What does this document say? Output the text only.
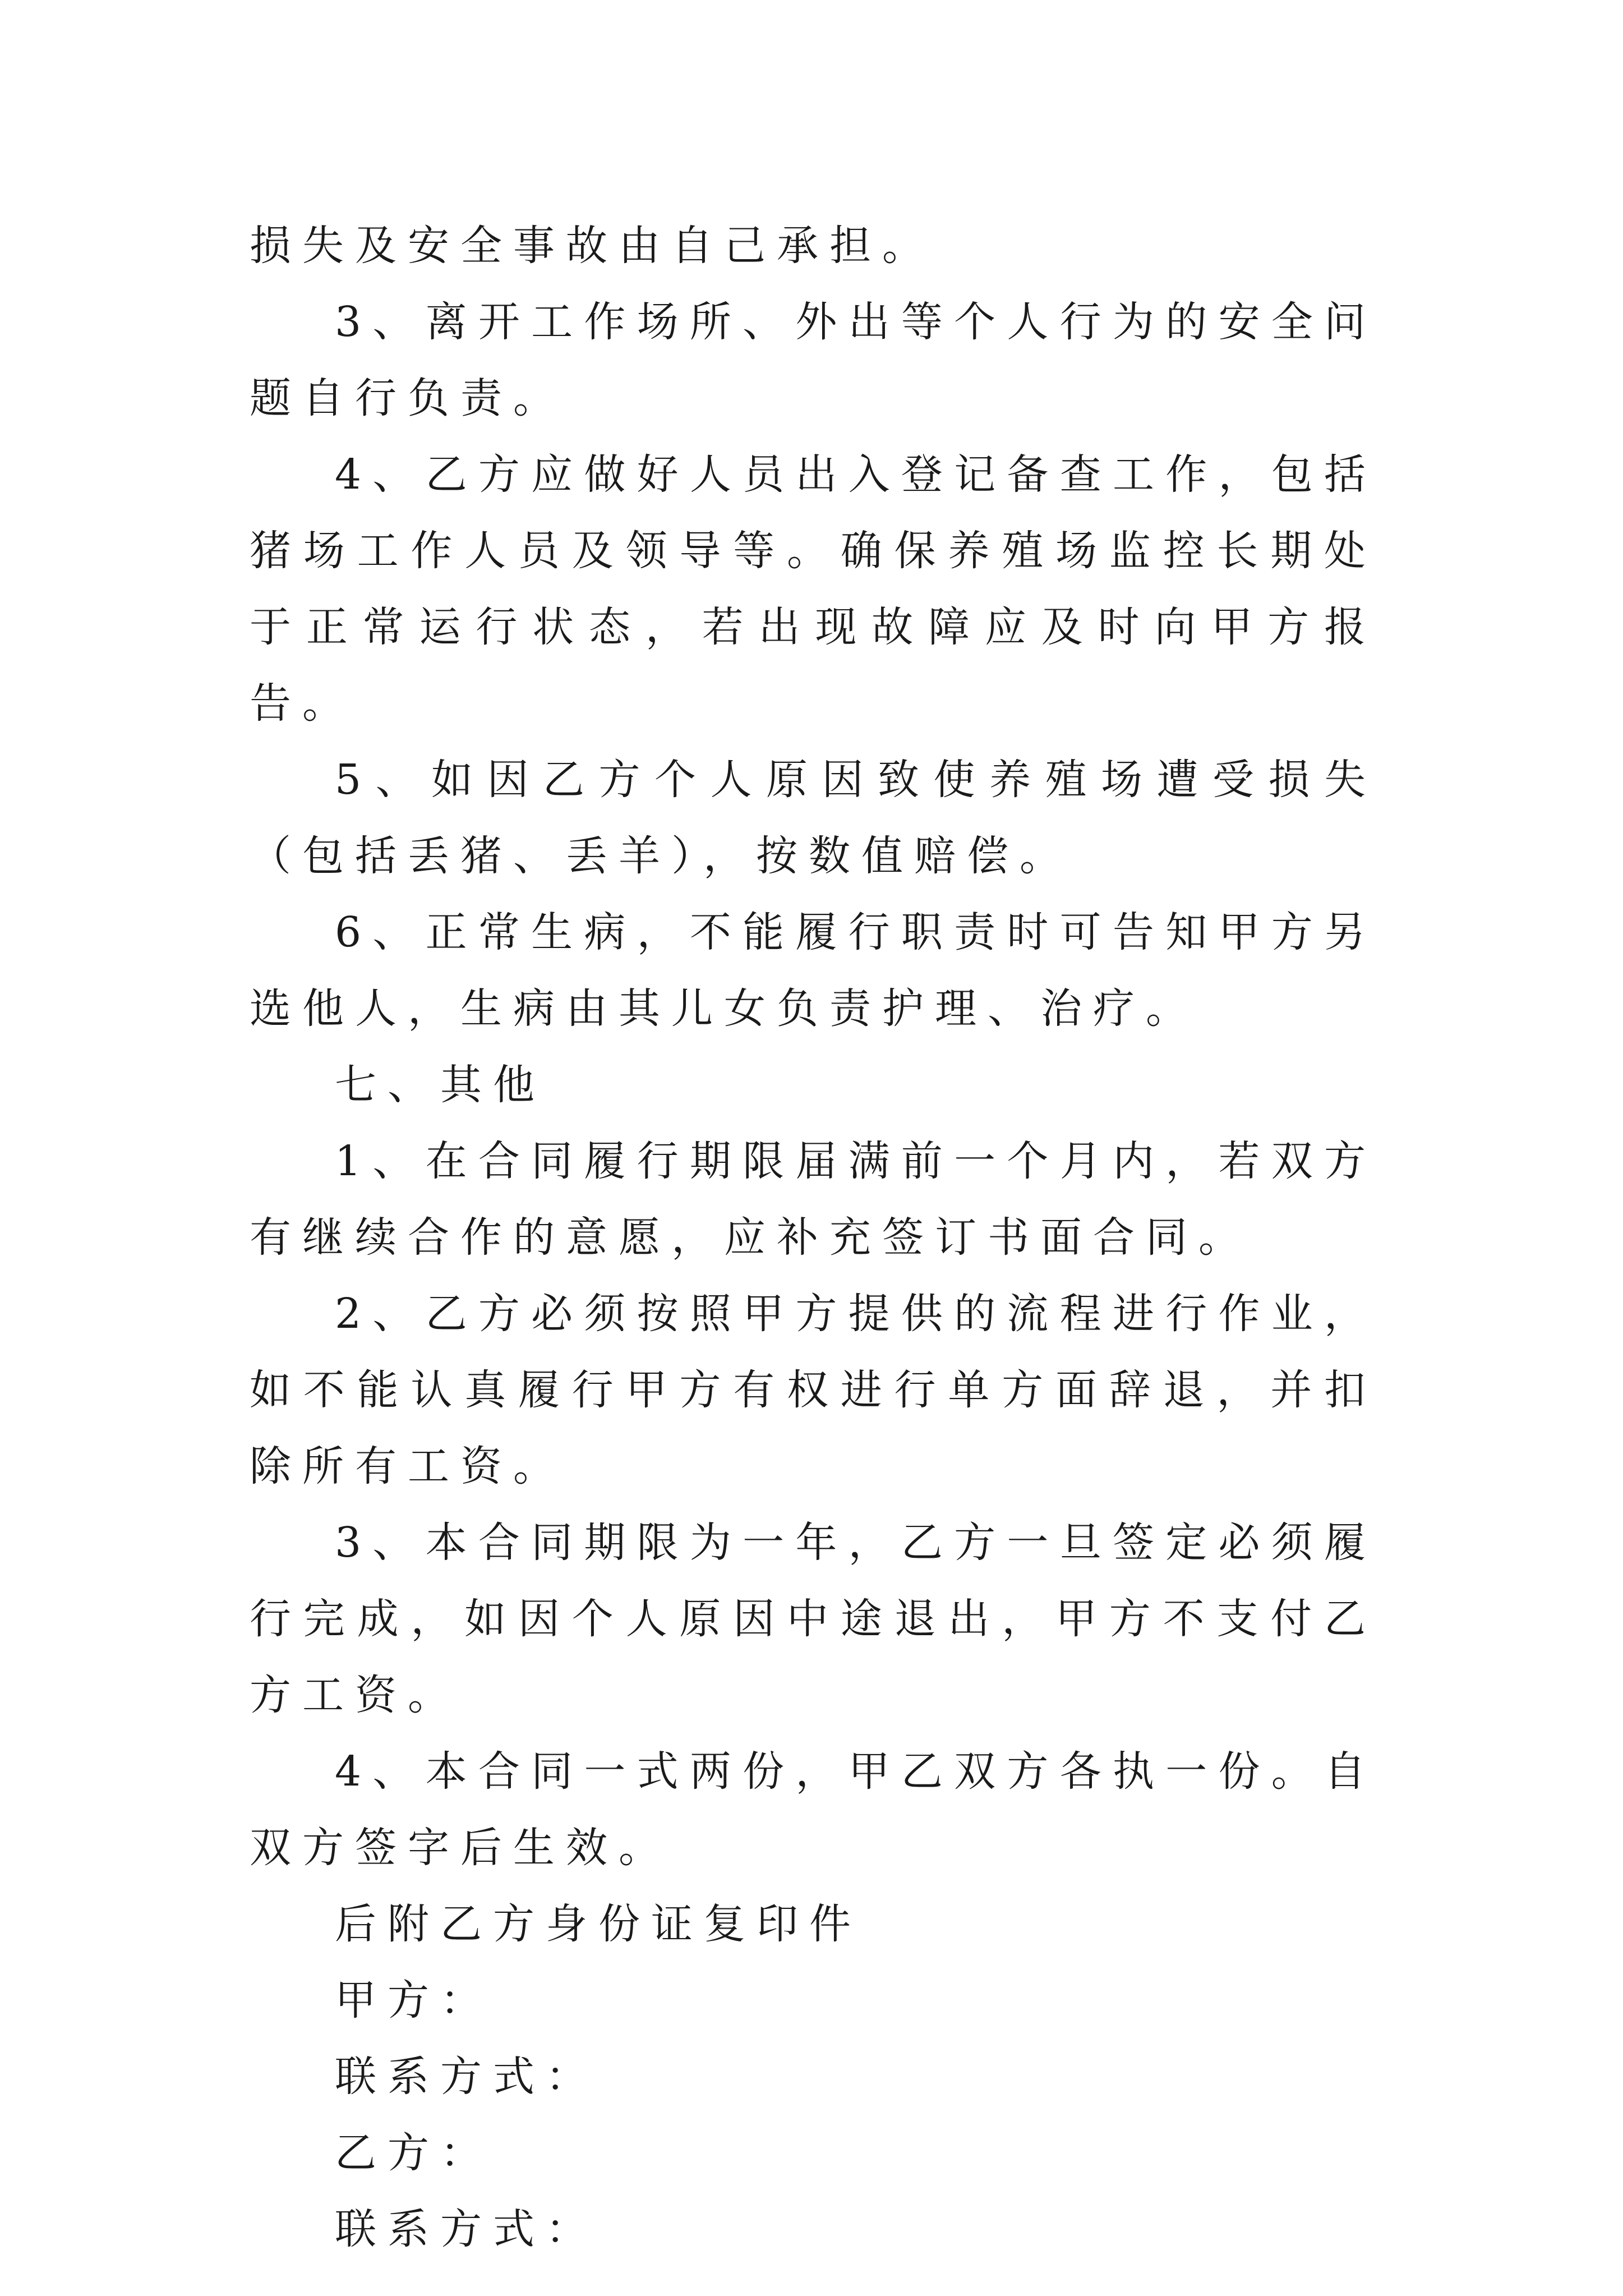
损失及安全事故由自己承担。

3、离开工作场所、外出等个人行为的安全问题自行负责。

4、乙方应做好人员出入登记备查工作，包括猪场工作人员及领导等。确保养殖场监控长期处于正常运行状态，若出现故障应及时向甲方报告。

5、如因乙方个人原因致使养殖场遭受损失（包括丢猪、丢羊），按数值赔偿。

6、正常生病，不能履行职责时可告知甲方另选他人，生病由其儿女负责护理、治疗。

七、其他

1、在合同履行期限届满前一个月内，若双方有继续合作的意愿，应补充签订书面合同。

2、乙方必须按照甲方提供的流程进行作业，如不能认真履行甲方有权进行单方面辞退，并扣除所有工资。

3、本合同期限为一年，乙方一旦签定必须履行完成，如因个人原因中途退出，甲方不支付乙方工资。

4、本合同一式两份，甲乙双方各执一份。自双方签字后生效。

后附乙方身份证复印件

甲方：

联系方式：

乙方：

联系方式：
